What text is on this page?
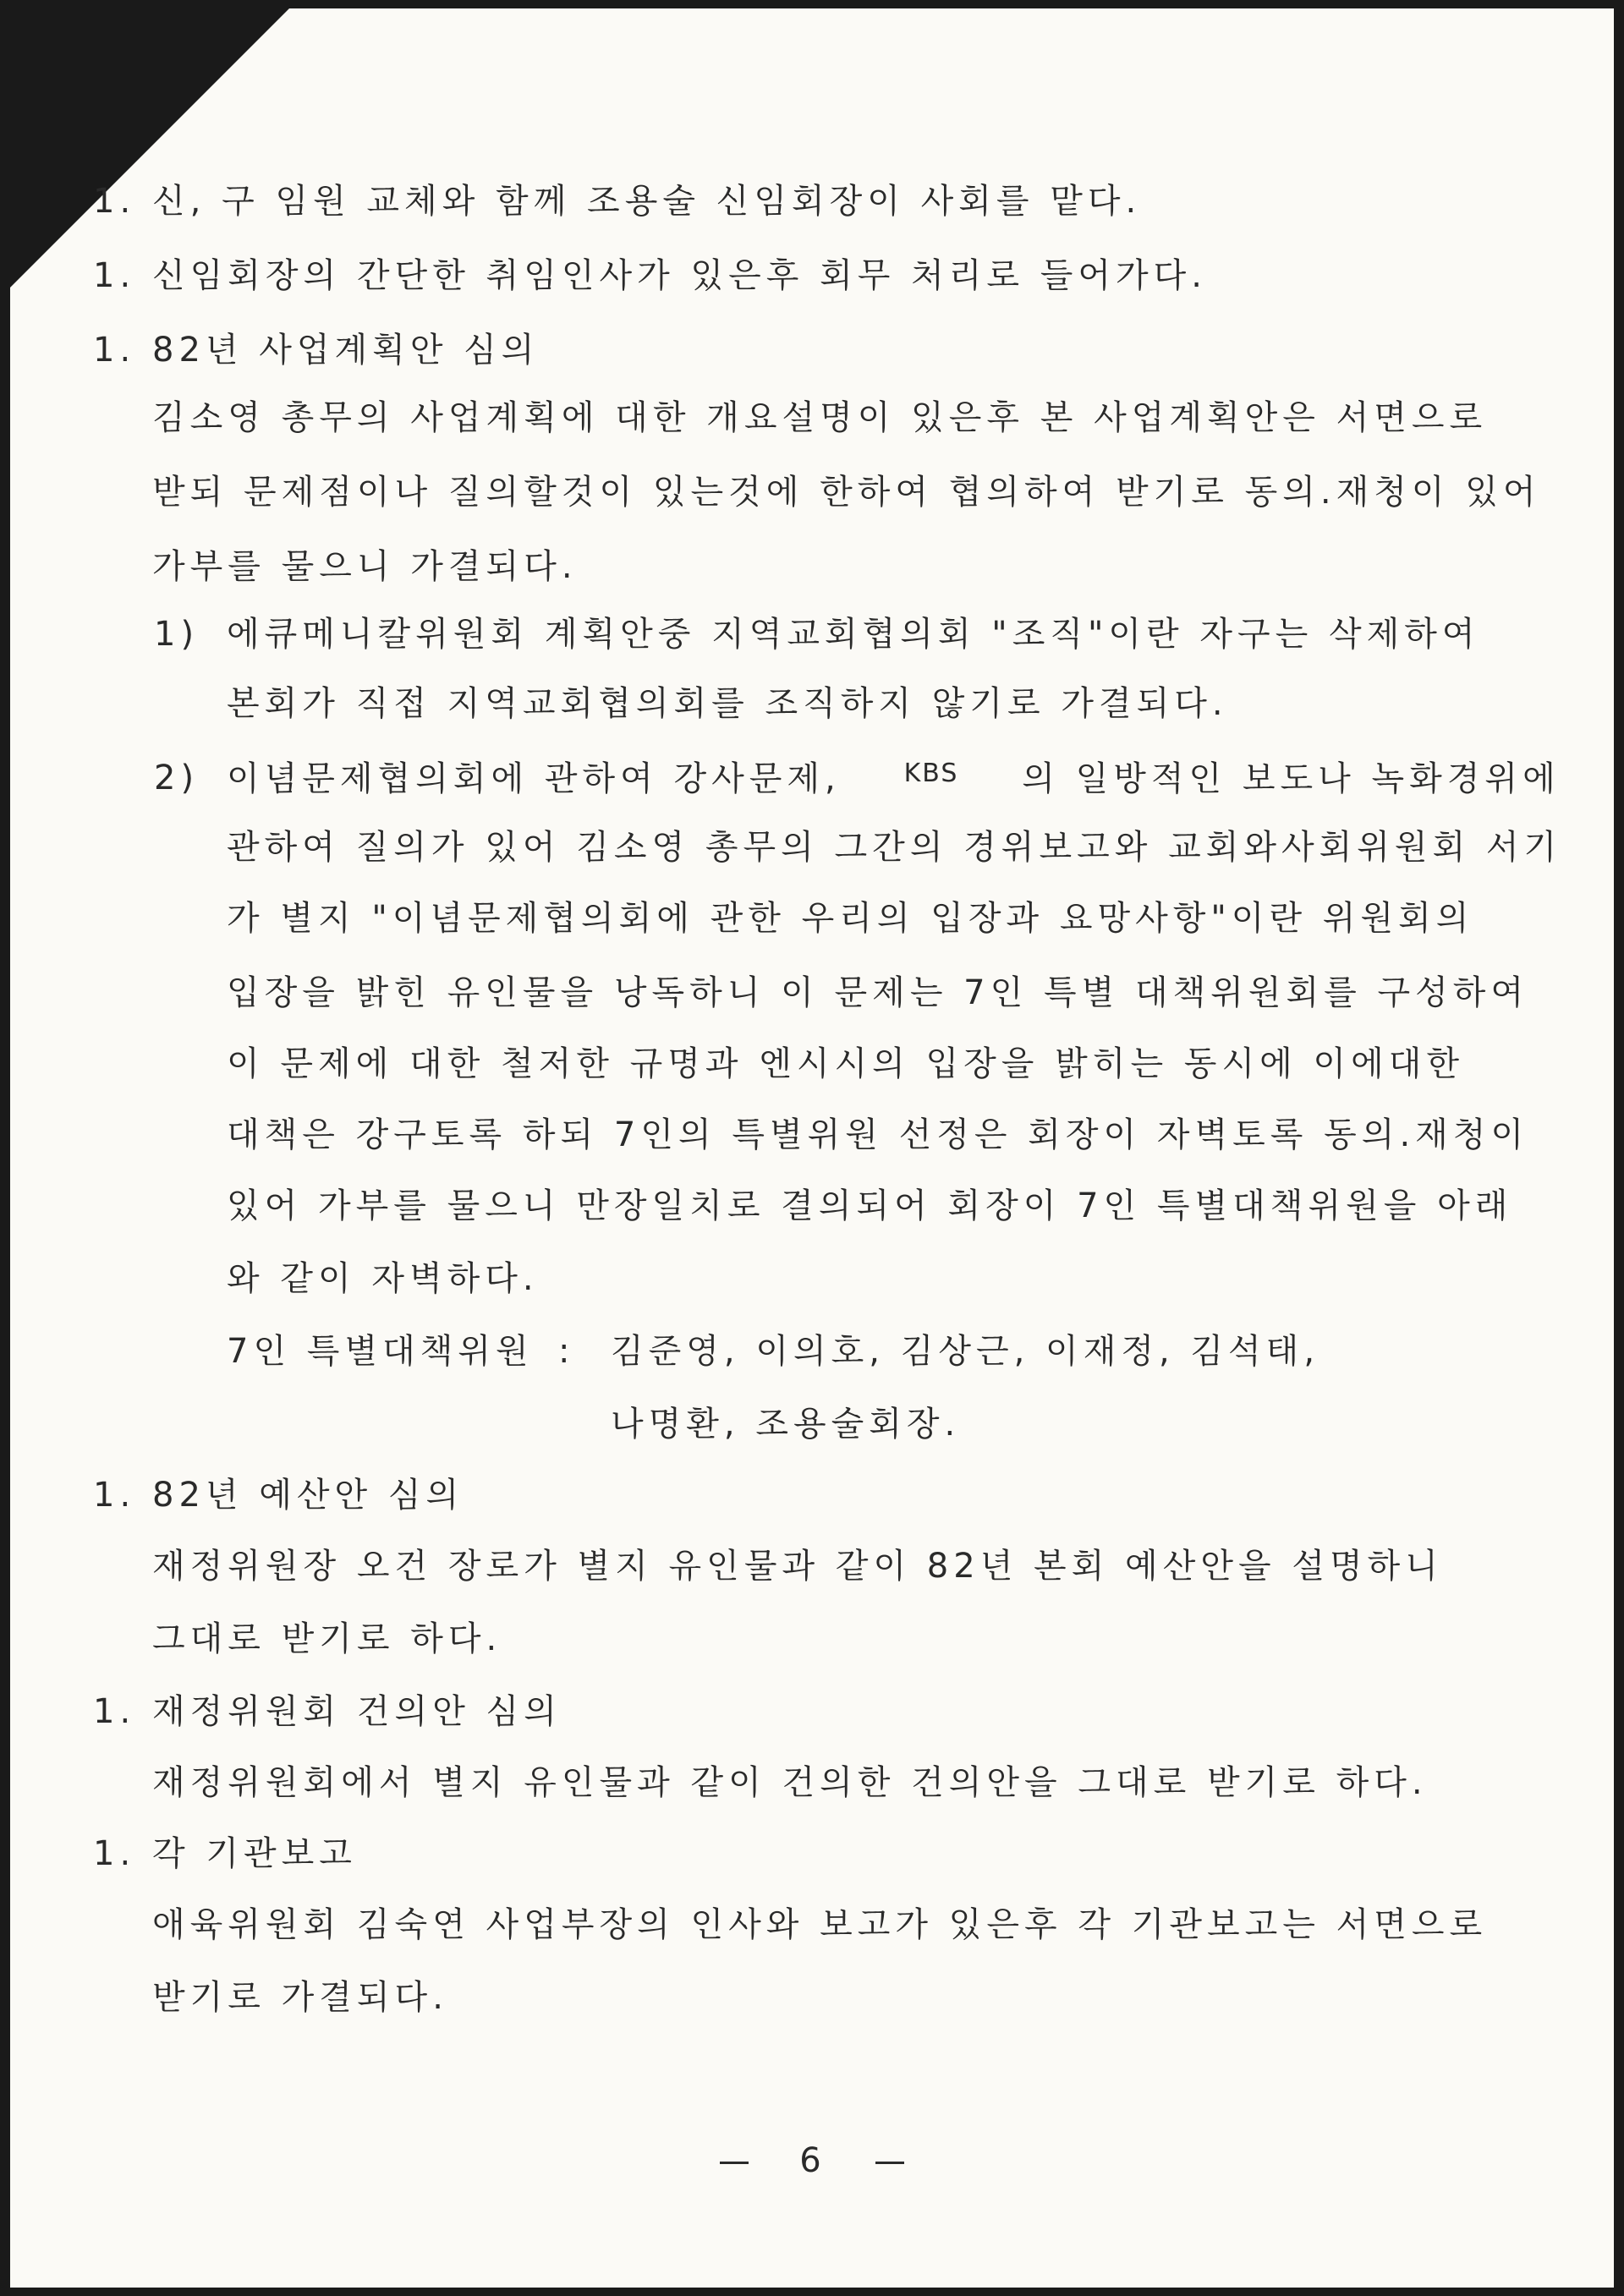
1. 신, 구 임원 교체와 함께 조용술 신임회장이 사회를 맡다.
1. 신임회장의 간단한 취임인사가 있은후 회무 처리로 들어가다.
1. 82년 사업계획안 심의
김소영 총무의 사업계획에 대한 개요설명이 있은후 본 사업계획안은 서면으로
받되 문제점이나 질의할것이 있는것에 한하여 협의하여 받기로 동의.재청이 있어
가부를 물으니 가결되다.
1) 에큐메니칼위원회 계획안중 지역교회협의회 "조직"이란 자구는 삭제하여
본회가 직접 지역교회협의회를 조직하지 않기로 가결되다.
2) 이념문제협의회에 관하여 강사문제, $^{KBS}$ 의 일방적인 보도나 녹화경위에
관하여 질의가 있어 김소영 총무의 그간의 경위보고와 교회와사회위원회 서기
가 별지 "이념문제협의회에 관한 우리의 입장과 요망사항"이란 위원회의
입장을 밝힌 유인물을 낭독하니 이 문제는 7인 특별 대책위원회를 구성하여
이 문제에 대한 철저한 규명과 엔시시의 입장을 밝히는 동시에 이에대한
대책은 강구토록 하되 7인의 특별위원 선정은 회장이 자벽토록 동의.재청이
있어 가부를 물으니 만장일치로 결의되어 회장이 7인 특별대책위원을 아래
와 같이 자벽하다.
7인 특별대책위원 : 김준영, 이의호, 김상근, 이재정, 김석태,
나명환, 조용술회장.
1. 82년 예산안 심의
재정위원장 오건 장로가 별지 유인물과 같이 82년 본회 예산안을 설명하니
그대로 받기로 하다.
1. 재정위원회 건의안 심의
재정위원회에서 별지 유인물과 같이 건의한 건의안을 그대로 받기로 하다.
1. 각 기관보고
애육위원회 김숙연 사업부장의 인사와 보고가 있은후 각 기관보고는 서면으로
받기로 가결되다.
6
